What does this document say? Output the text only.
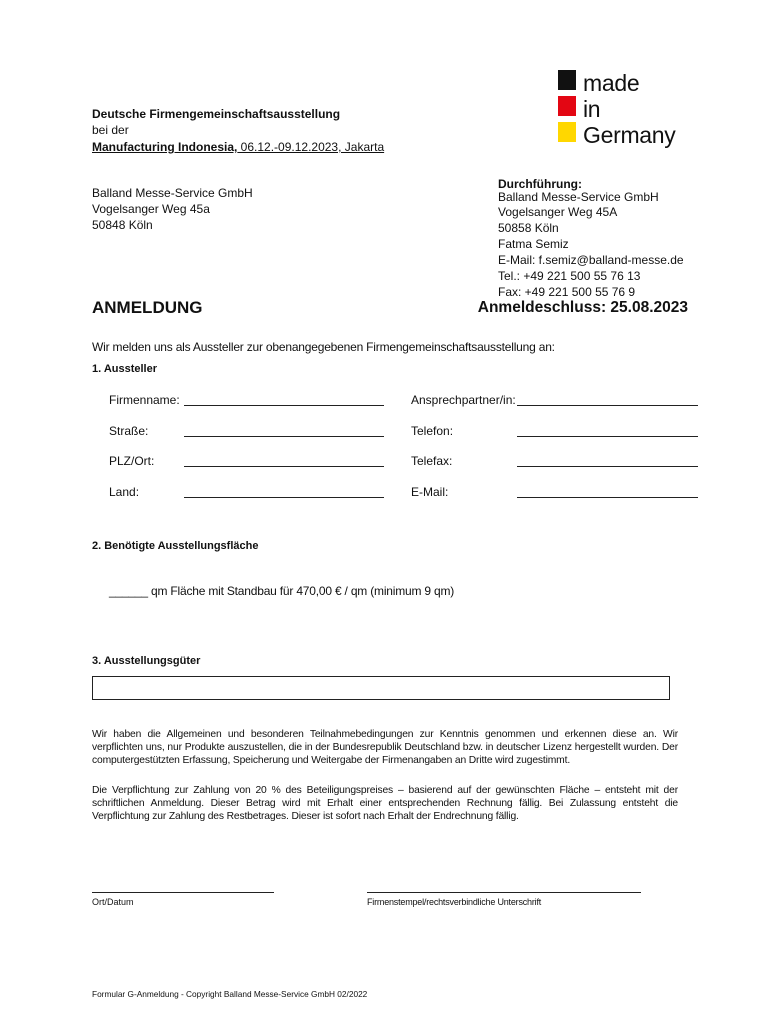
made
in
Germany
Deutsche Firmengemeinschaftsausstellung
bei der
Manufacturing Indonesia, 06.12.-09.12.2023, Jakarta
Balland Messe-Service GmbH
Vogelsanger Weg 45a
50848 Köln
Durchführung:
Balland Messe-Service GmbH
Vogelsanger Weg 45A
50858 Köln
Fatma Semiz
E-Mail: f.semiz@balland-messe.de
Tel.: +49 221 500 55 76 13
Fax: +49 221 500 55 76 9
ANMELDUNG	Anmeldeschluss: 25.08.2023
Wir melden uns als Aussteller zur obenangegebenen Firmengemeinschaftsausstellung an:
1. Aussteller
Firmenname:	Ansprechpartner/in:
Straße:	Telefon:
PLZ/Ort:	Telefax:
Land:	E-Mail:
2. Benötigte Ausstellungsfläche
______ qm Fläche mit Standbau für 470,00 € / qm (minimum 9 qm)
3. Ausstellungsgüter
Wir haben die Allgemeinen und besonderen Teilnahmebedingungen zur Kenntnis genommen und erkennen diese an. Wir verpflichten uns, nur Produkte auszustellen, die in der Bundesrepublik Deutschland bzw. in deutscher Lizenz hergestellt wurden. Der computergestützten Erfassung, Speicherung und Weitergabe der Firmenangaben an Dritte wird zugestimmt.
Die Verpflichtung zur Zahlung von 20 % des Beteiligungspreises – basierend auf der gewünschten Fläche – entsteht mit der schriftlichen Anmeldung. Dieser Betrag wird mit Erhalt einer entsprechenden Rechnung fällig. Bei Zulassung entsteht die Verpflichtung zur Zahlung des Restbetrages. Dieser ist sofort nach Erhalt der Endrechnung fällig.
Ort/Datum	Firmenstempel/rechtsverbindliche Unterschrift
Formular G-Anmeldung - Copyright Balland Messe-Service GmbH 02/2022
